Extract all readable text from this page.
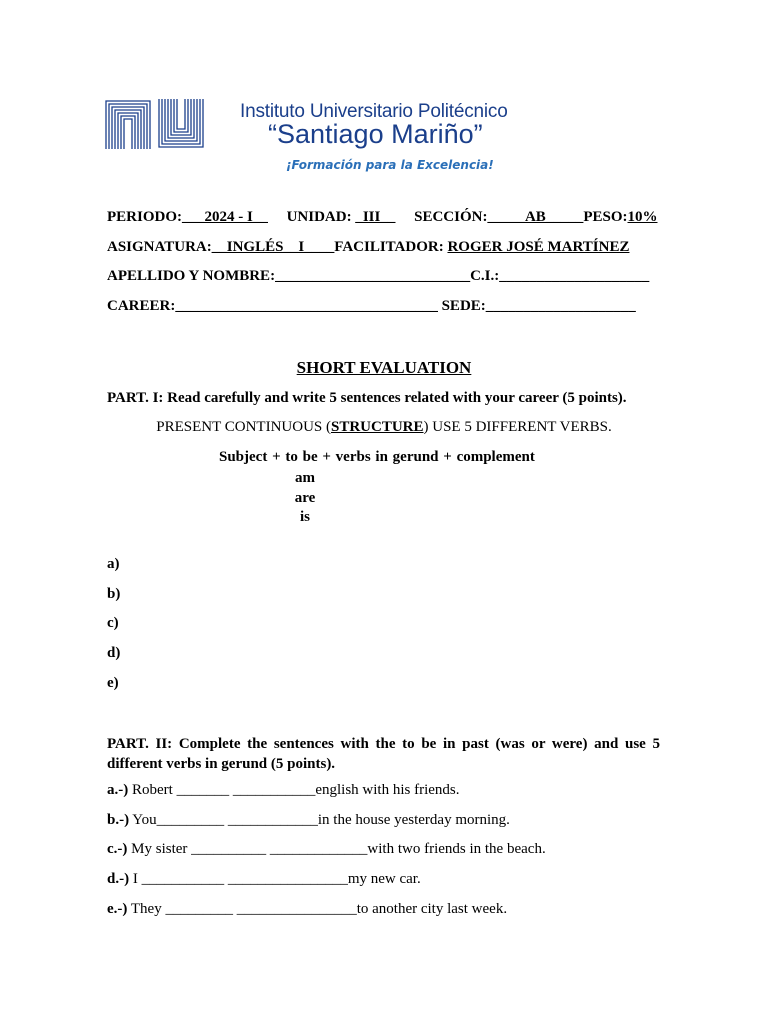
Instituto Universitario Politécnico
“Santiago Mariño”
¡Formación para la Excelencia!
PERIODO:___2024 - I__ UNIDAD: _III__ SECCIÓN:_____AB_____PESO:10%
ASIGNATURA:__INGLÉS__I____FACILITADOR: ROGER JOSÉ MARTÍNEZ
APELLIDO Y NOMBRE:__________________________C.I.:____________________
CAREER:___________________________________ SEDE:____________________
SHORT EVALUATION
PART. I: Read carefully and write 5 sentences related with your career (5 points).
PRESENT CONTINUOUS (STRUCTURE) USE 5 DIFFERENT VERBS.
Subject + to be + verbs in gerund + complement
am
are
is
a)
b)
c)
d)
e)
PART. II: Complete the sentences with the to be in past (was or were) and use 5 different verbs in gerund (5 points).
a.-) Robert _______ ___________english with his friends.
b.-) You_________ ____________in the house yesterday morning.
c.-) My sister __________ _____________with two friends in the beach.
d.-) I ___________ ________________my new car.
e.-) They _________ ________________to another city last week.
